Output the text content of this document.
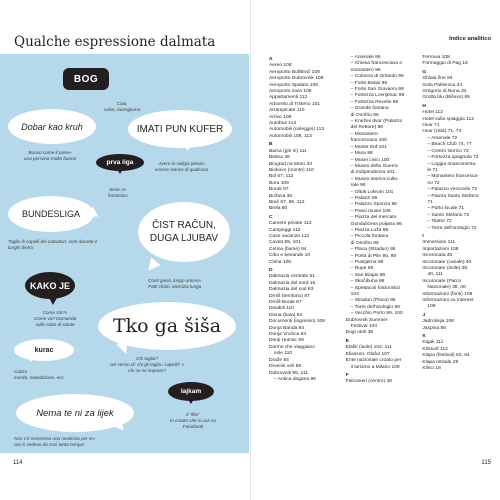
Qualche espressione dalmata
BOG
Ciao,
salve, buongiorno
Dobar kao kruh
Buono come il pane»
una persona molto buona
IMATI PUN KUFER
Avere la valigia piena»
essere stanco di qualcosa
prva liga
Serie A»
fantastico
BUNDESLIGA
Taglio di capelli dei calciatori: corti davanti e
lunghi dietro
ČIST RAČUN,
DUGA LJUBAV
Conti giusti, lungo amore»
Patti chiari, amicizia lunga
KAKO JE
Come sta?»
Come va? Domanda
sullo stato di salute Tko ga šiša
Chi taglia?
nel senso di: chi gli taglia i capelli? »
chi se ne importa?
kurac
Cazzo
merda, maledizione, ecc.
lajkam
Il "like"
In croato che si usa su
Facebook
Nema te ni za lijek
Non c'è nemmeno una medicina per te»
non ti vedevo da così tanto tempo!
114
Indice analitico
A
Aereo 108
Aeroporto Bol/Brač 108
Aeroporto Dubrovnik 108
Aeroporto Spalato 108
Aeroporto Zara 108
Appartamenti 112
Arboreto di Trsteno 101
Arrampicate 110
Arrivo 108
Autobus 113
Automobili (noleggio) 113
Automobili 108, 113
B
Barca (giri in) 111
Betina 38
Biograd na Moru 33
Biokovo (monte) 110
Bol 67, 112
Bora 109
Borak 87
Božava 36
Brač 67, 68, 112
Brela 80
C
Camere private 112
Campeggi 112
Case vacanza 112
Cavtat 95, 101
Cetina (fiume) 64
Cibo e bevande 10
Clima 109
D
Dalmazia centrale 51
Dalmazia del nord 15
Dalmazia del sud 83
Drniš (territorio) 87
Drniš-Borak 87
Disabili 110
Divna (baia) 84
Documenti (ingresso) 108
Donja Banda 84
Donja Vrućica 84
Donji Humac 69
Donne che viaggiano
sole 110
Draže 84
Drvenik veli 56
Dubrovnik 95, 111
– Antica dogana 96
– Arsenale 96
– Chiesa francescana e
monastero 96
– Colonna di Orlando 96
– Forte Bokar 98
– Forte San Giovanni 99
– Fortezza Lovrijenac 98
– Fortezza Revelin 99
– Grande fontana
di Onofrio 96
– Knežev dvor (Palazzo
del Rettore) 96
– Monastero
francescano 100
– Monte Srđ 101
– Mura 98
– Musei civici 100
– Museo della Guerra
di Indipendenza 101
– Museo storico-cultu-
rale 96
– Oltok Lokrum 101
– Palazzi 96
– Palazzo Sponza 96
– Passi musei 100
– Piazza del mercato
Gundulićeva poljana 96
– Piazza Luža 96
– Piccola fontana
di Onofrio 96
– Placa (Stradun) 95
– Porta di Pile 95, 98
– Pustijerna 96
– Rupe 99
– San Biagio 96
– Skočibuha 96
– Spettacoli folcloristici
104
– Stradun (Placa) 95
– Torre dell'orologio 96
– Vecchio Porto 99, 100
Dubrovnik Summer
Festival 104
Dugi otok 36
E
Elafiti (isole) 104, 111
Eliasson, Olafur 107
Ente nazionale croato per
il turismo a Milano 109
F
Falconieri (centro) 48
Ferrovia 108
Formaggio di Pag 18
G
Ghiaia fine 84
Gola Paklenica 24
Gregorio di Nona 34
Grotta blu (Biševo) 65
H
Hotel 112
Hotel sulla spiaggia 112
Hvar 71
Hvar (città) 71, 74
– Arsenale 72
– Beach Club 74, 77
– Centro storico 72
– Fortezza spagnola 72
– Loggia rinascimenta-
le 71
– Monastero francesca-
no 72
– Palazzo vescovile 72
– Piazza Santo Stefano
71
– Porto locale 71
– Santo Stefano 72
– Teatro 72
– Torre dell'orologio 72
I
Immersioni 111
Importazioni 108
Incoronata 40
Incoronate (canale) 40
Incoronate (isole) 38,
40, 111
Incoronate (Parco
Nazionale) 38, 40
Informazioni (fonti) 109
Informazioni su Internet
109
J
Jadrolinija 108
Jaspina 86
K
Kajak 111
Klinsurf 112
Klapa (festival) 63, 64
Klapa Intrade 29
Klinci 18
115
